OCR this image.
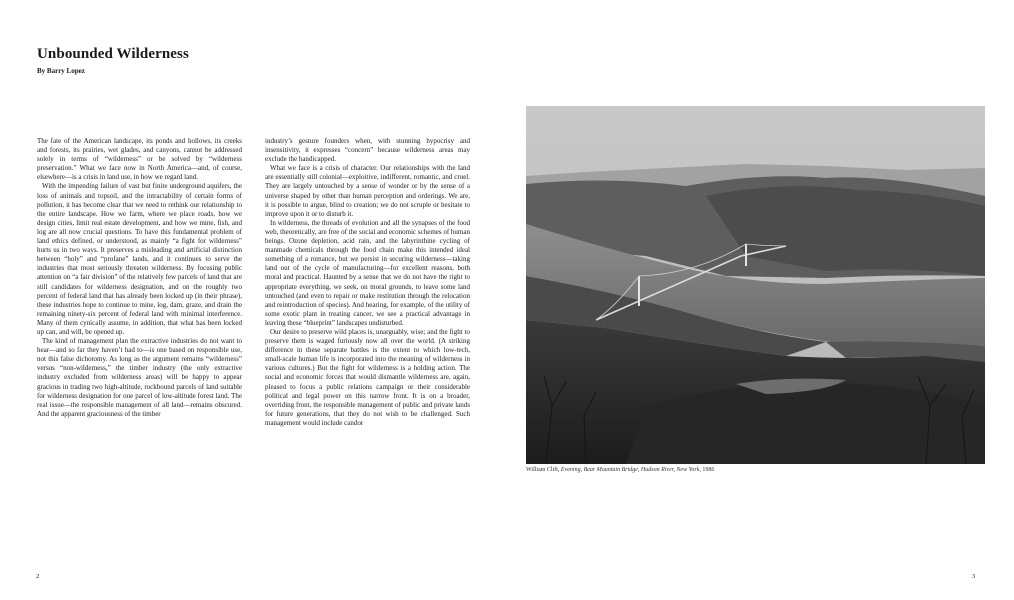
Unbounded Wilderness
By Barry Lopez

The fate of the American landscape, its ponds and hollows, its creeks and forests, its prairies, wet glades, and canyons, cannot be addressed solely in terms of “wilderness” or be solved by “wilderness preservation.” What we face now in North America—and, of course, elsewhere—is a crisis in land use, in how we regard land.

With the impending failure of vast but finite underground aquifers, the loss of animals and topsoil, and the intractability of certain forms of pollution, it has become clear that we need to rethink our relationship to the entire landscape. How we farm, where we place roads, how we design cities, limit real estate development, and how we mine, fish, and log are all now crucial questions. To have this fundamental problem of land ethics defined, or understood, as mainly “a fight for wilderness” hurts us in two ways. It preserves a misleading and artificial distinction between “holy” and “profane” lands, and it continues to serve the industries that most seriously threaten wilderness. By focusing public attention on “a fair division” of the relatively few parcels of land that are still candidates for wilderness designation, and on the roughly two percent of federal land that has already been locked up (in their phrase), these industries hope to continue to mine, log, dam, graze, and drain the remaining ninety-six percent of federal land with minimal interference. Many of them cynically assume, in addition, that what has been locked up can, and will, be opened up.

The kind of management plan the extractive industries do not want to hear—and so far they haven’t had to—is one based on responsible use, not this false dichotomy. As long as the argument remains “wilderness” versus “non-wilderness,” the timber industry (the only extractive industry excluded from wilderness areas) will be happy to appear gracious in trading two high-altitude, rockbound parcels of land suitable for wilderness designation for one parcel of low-altitude forest land. The real issue—the responsible management of all land—remains obscured. And the apparent graciousness of the timber

industry’s gesture founders when, with stunning hypocrisy and insensitivity, it expresses “concern” because wilderness areas may exclude the handicapped.

What we face is a crisis of character. Our relationships with the land are essentially still colonial—exploitive, indifferent, romantic, and cruel. They are largely untouched by a sense of wonder or by the sense of a universe shaped by other than human perception and orderings. We are, it is possible to argue, blind to creation; we do not scruple or hesitate to improve upon it or to disturb it.

In wilderness, the threads of evolution and all the synapses of the food web, theoretically, are free of the social and economic schemes of human beings. Ozone depletion, acid rain, and the labyrinthine cycling of manmade chemicals through the food chain make this intended ideal something of a romance, but we persist in securing wilderness—taking land out of the cycle of manufacturing—for excellent reasons, both moral and practical. Haunted by a sense that we do not have the right to appropriate everything, we seek, on moral grounds, to leave some land untouched (and even to repair or make restitution through the relocation and reintroduction of species). And hearing, for example, of the utility of some exotic plant in treating cancer, we see a practical advantage in leaving these “blueprint” landscapes undisturbed.

Our desire to preserve wild places is, unarguably, wise; and the fight to preserve them is waged furiously now all over the world. (A striking difference in these separate battles is the extent to which low-tech, small-scale human life is incorporated into the meaning of wilderness in various cultures.) But the fight for wilderness is a holding action. The social and economic forces that would dismantle wilderness are, again, pleased to focus a public relations campaign or their considerable political and legal power on this narrow front. It is on a broader, overriding front, the responsible management of public and private lands for future generations, that they do not wish to be challenged. Such management would include candor

William Clift, Evening, Bear Mountain Bridge, Hudson River, New York, 1986
2	3
